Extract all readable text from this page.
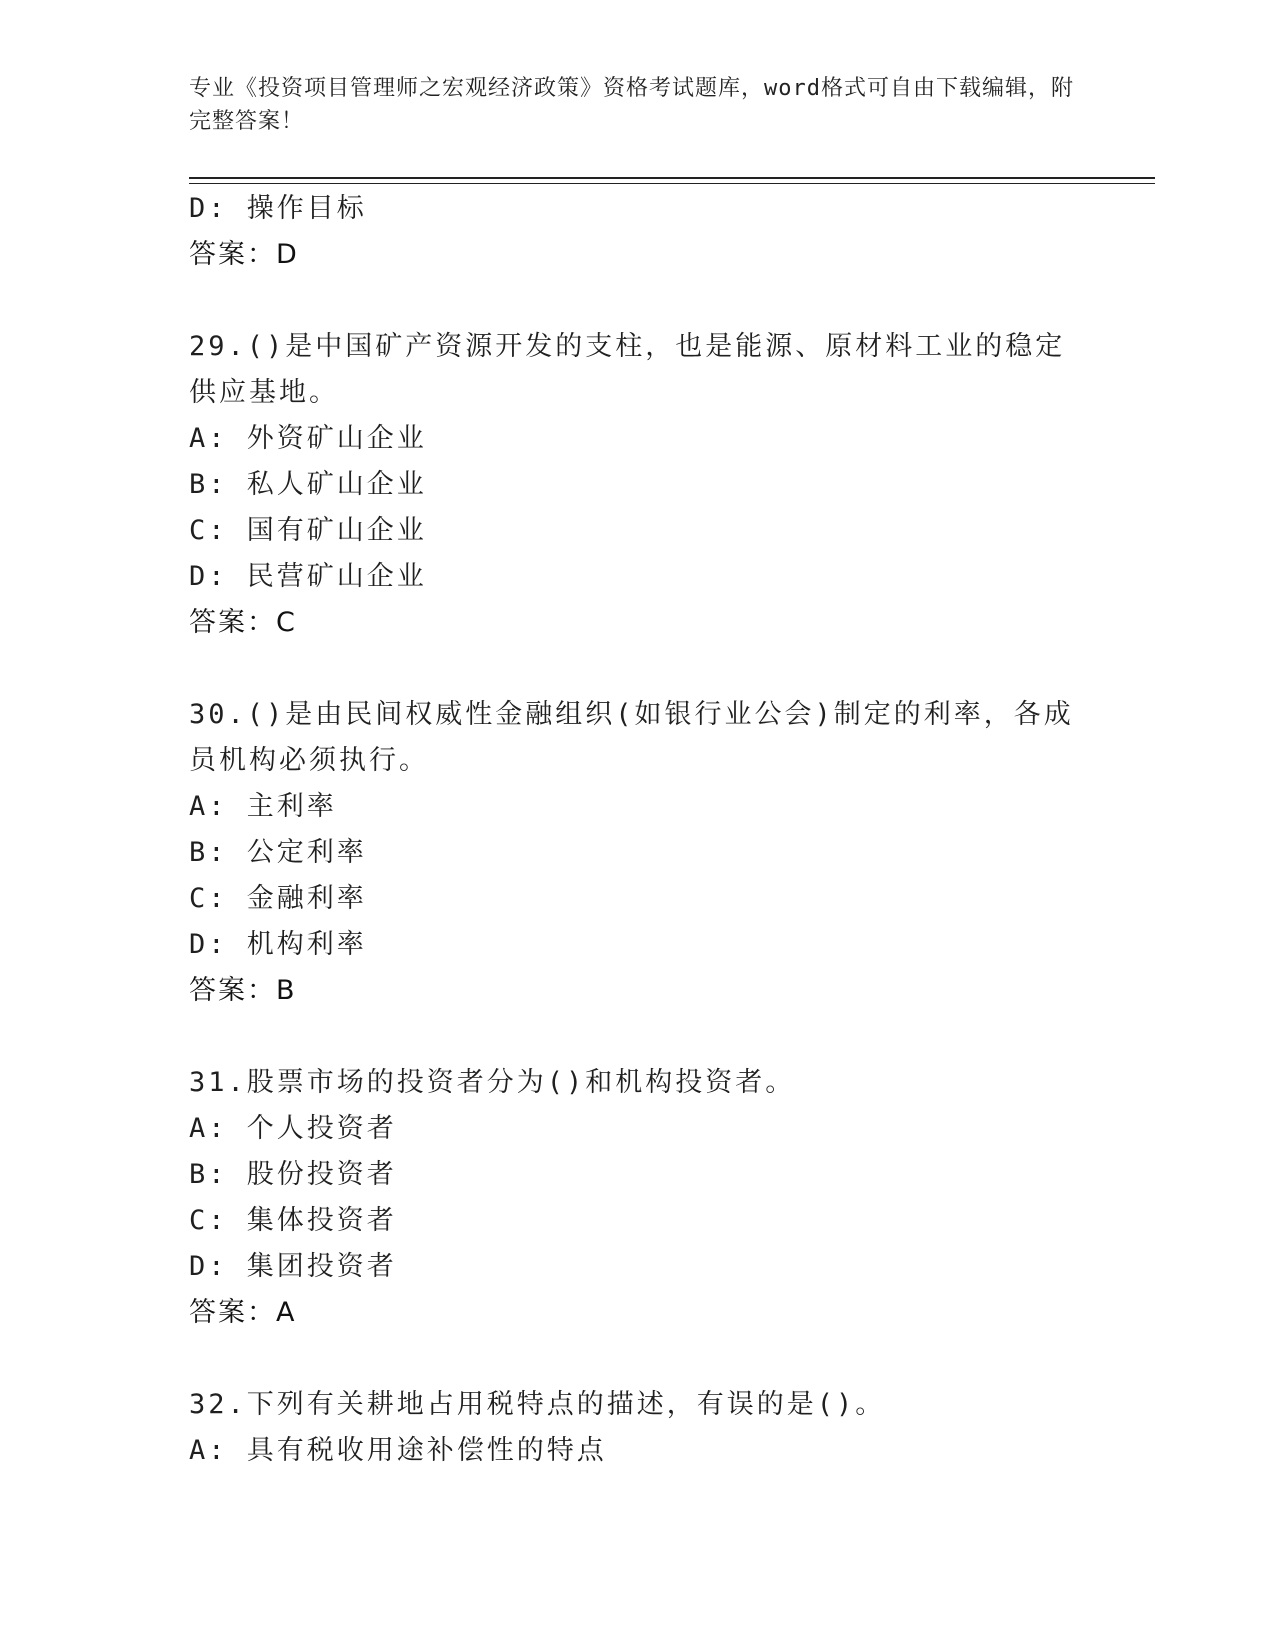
专业《投资项目管理师之宏观经济政策》资格考试题库，word格式可自由下载编辑，附完整答案！
D: 操作目标
答案：D
29.()是中国矿产资源开发的支柱，也是能源、原材料工业的稳定供应基地。
A: 外资矿山企业
B: 私人矿山企业
C: 国有矿山企业
D: 民营矿山企业
答案：C
30.()是由民间权威性金融组织(如银行业公会)制定的利率，各成员机构必须执行。
A: 主利率
B: 公定利率
C: 金融利率
D: 机构利率
答案：B
31.股票市场的投资者分为()和机构投资者。
A: 个人投资者
B: 股份投资者
C: 集体投资者
D: 集团投资者
答案：A
32.下列有关耕地占用税特点的描述，有误的是()。
A: 具有税收用途补偿性的特点
